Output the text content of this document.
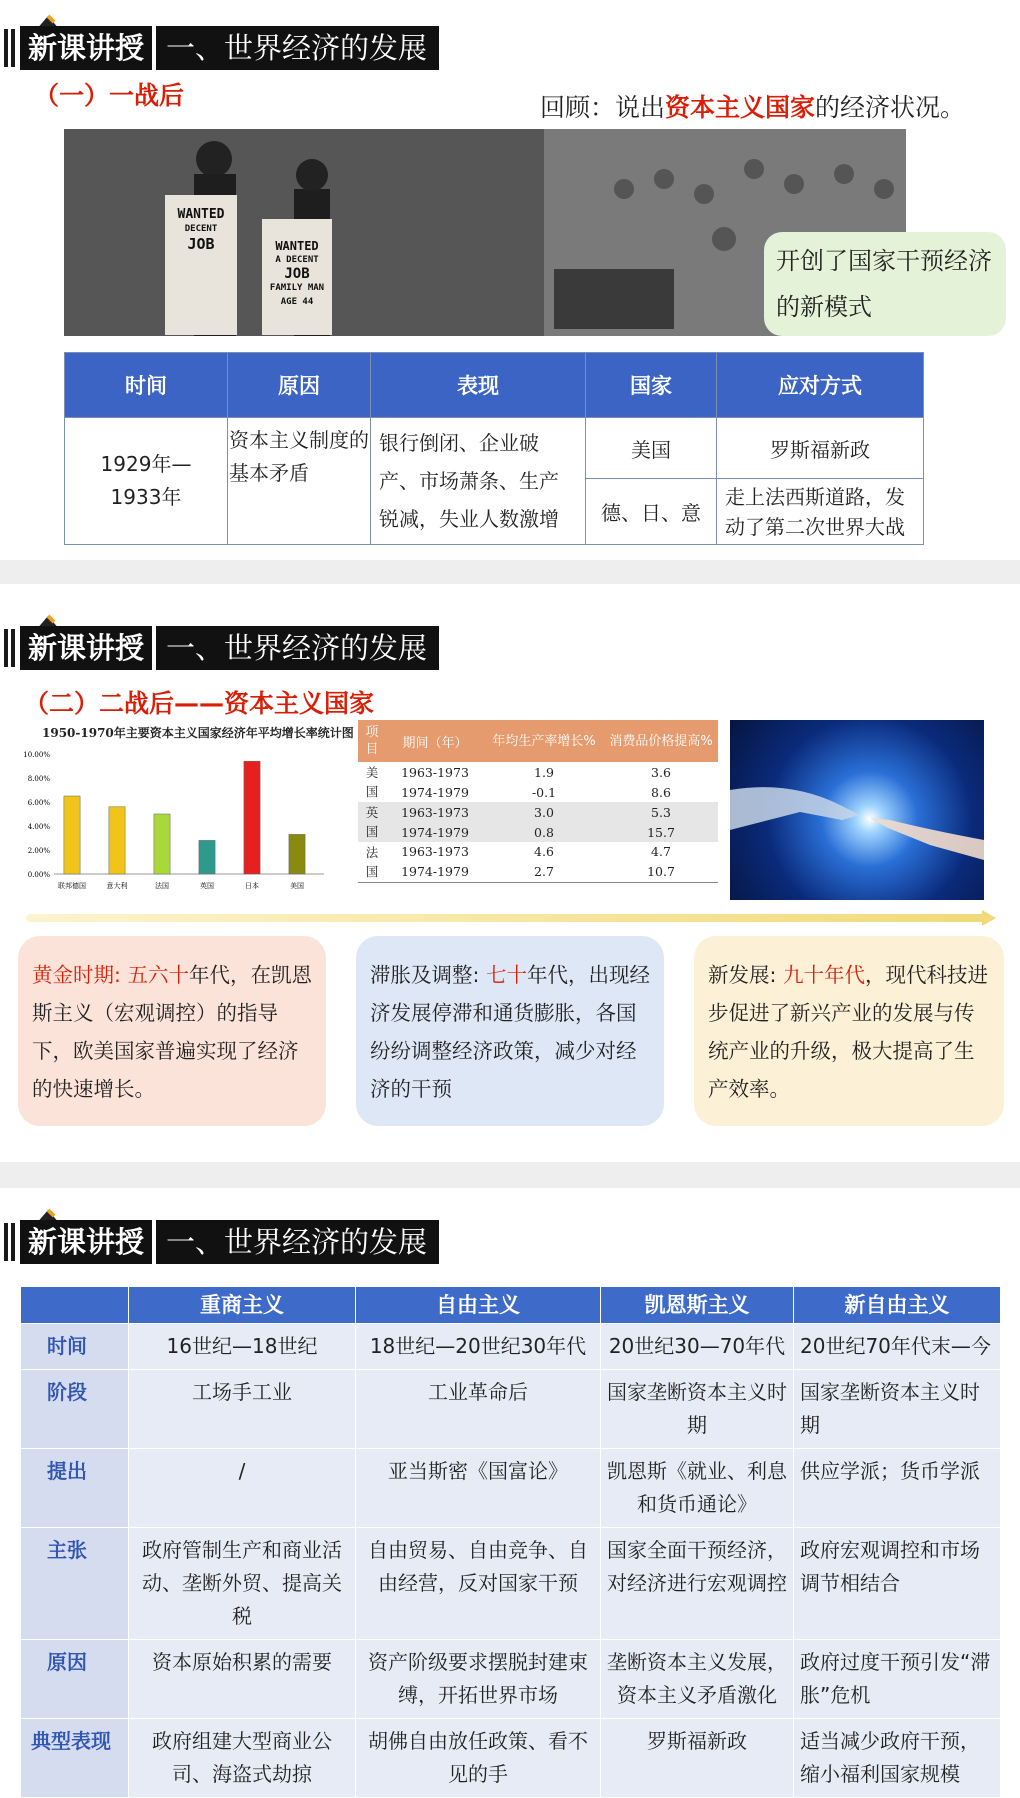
新课讲授 一、世界经济的发展
（一）一战后	回顾：说出资本主义国家的经济状况。
WANTED
DECENT
JOB	WANTED
A DECENT
JOB
FAMILY MAN
AGE 44
开创了国家干预经济的新模式
时间	原因	表现	国家	应对方式
1929年—1933年	资本主义制度的基本矛盾	银行倒闭、企业破产、市场萧条、生产锐减，失业人数激增	美国	罗斯福新政
			德、日、意	走上法西斯道路，发动了第二次世界大战
新课讲授 一、世界经济的发展
（二）二战后——资本主义国家
1950-1970年主要资本主义国家经济年平均增长率统计图
10.00%
8.00%
6.00%
4.00%
2.00%
0.00%
联邦德国	意大利	法国	英国	日本	美国
项目	期间（年）	年均生产率增长%	消费品价格提高%
美国	1963-1973	1.9	3.6
	1974-1979	-0.1	8.6
英国	1963-1973	3.0	5.3
	1974-1979	0.8	15.7
法国	1963-1973	4.6	4.7
	1974-1979	2.7	10.7
黄金时期: 五六十年代，在凯恩斯主义（宏观调控）的指导下，欧美国家普遍实现了经济的快速增长。
滞胀及调整: 七十年代，出现经济发展停滞和通货膨胀，各国纷纷调整经济政策，减少对经济的干预
新发展: 九十年代，现代科技进步促进了新兴产业的发展与传统产业的升级，极大提高了生产效率。
新课讲授 一、世界经济的发展
	重商主义	自由主义	凯恩斯主义	新自由主义
时间	16世纪—18世纪	18世纪—20世纪30年代	20世纪30—70年代	20世纪70年代末—今
阶段	工场手工业	工业革命后	国家垄断资本主义时期	国家垄断资本主义时期
提出	/	亚当斯密《国富论》	凯恩斯《就业、利息和货币通论》	供应学派；货币学派
主张	政府管制生产和商业活动、垄断外贸、提高关税	自由贸易、自由竞争、自由经营，反对国家干预	国家全面干预经济，对经济进行宏观调控	政府宏观调控和市场调节相结合
原因	资本原始积累的需要	资产阶级要求摆脱封建束缚，开拓世界市场	垄断资本主义发展，资本主义矛盾激化	政府过度干预引发“滞胀”危机
典型表现	政府组建大型商业公司、海盗式劫掠	胡佛自由放任政策、看不见的手	罗斯福新政	适当减少政府干预，缩小福利国家规模
